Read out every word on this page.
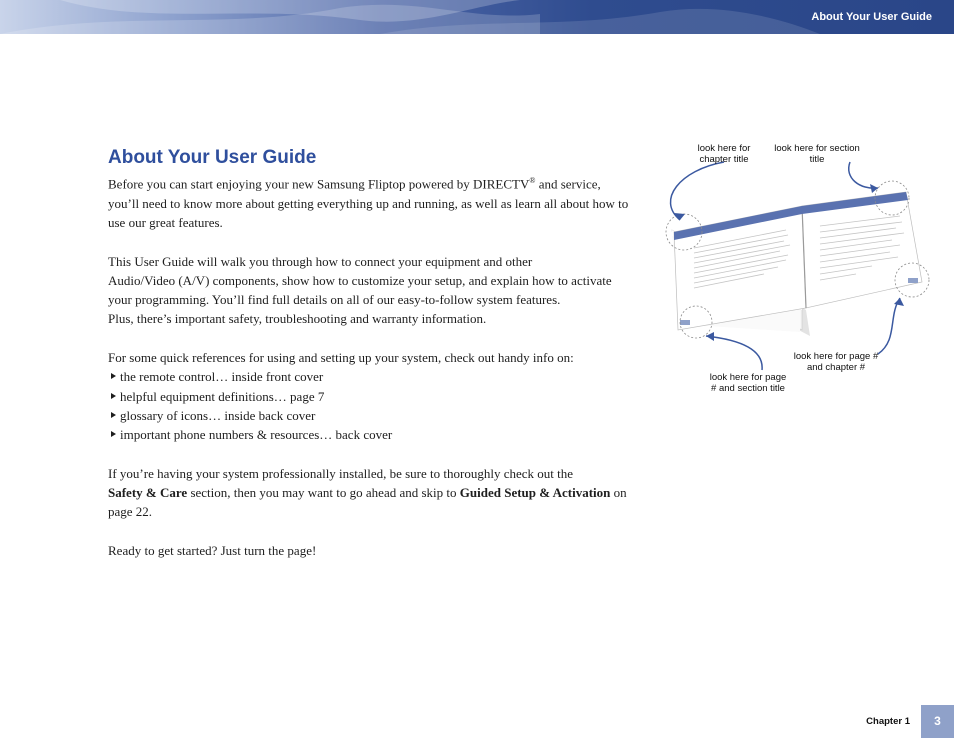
About Your User Guide
About Your User Guide

Before you can start enjoying your new Samsung Fliptop powered by DIRECTV® and service, you’ll need to know more about getting everything up and running, as well as learn all about how to use our great features.

This User Guide will walk you through how to connect your equipment and other
Audio/Video (A/V) components, show how to customize your setup, and explain how to activate
your programming. You’ll find full details on all of our easy-to-follow system features.
Plus, there’s important safety, troubleshooting and warranty information.

For some quick references for using and setting up your system, check out handy info on:
the remote control… inside front cover
helpful equipment definitions… page 7
glossary of icons… inside back cover
important phone numbers & resources… back cover

If you’re having your system professionally installed, be sure to thoroughly check out the
Safety & Care section, then you may want to go ahead and skip to Guided Setup & Activation on page 22.

Ready to get started? Just turn the page!

look here for chapter title
look here for section title
look here for page # and section title
look here for page # and chapter #
Chapter 1	3
